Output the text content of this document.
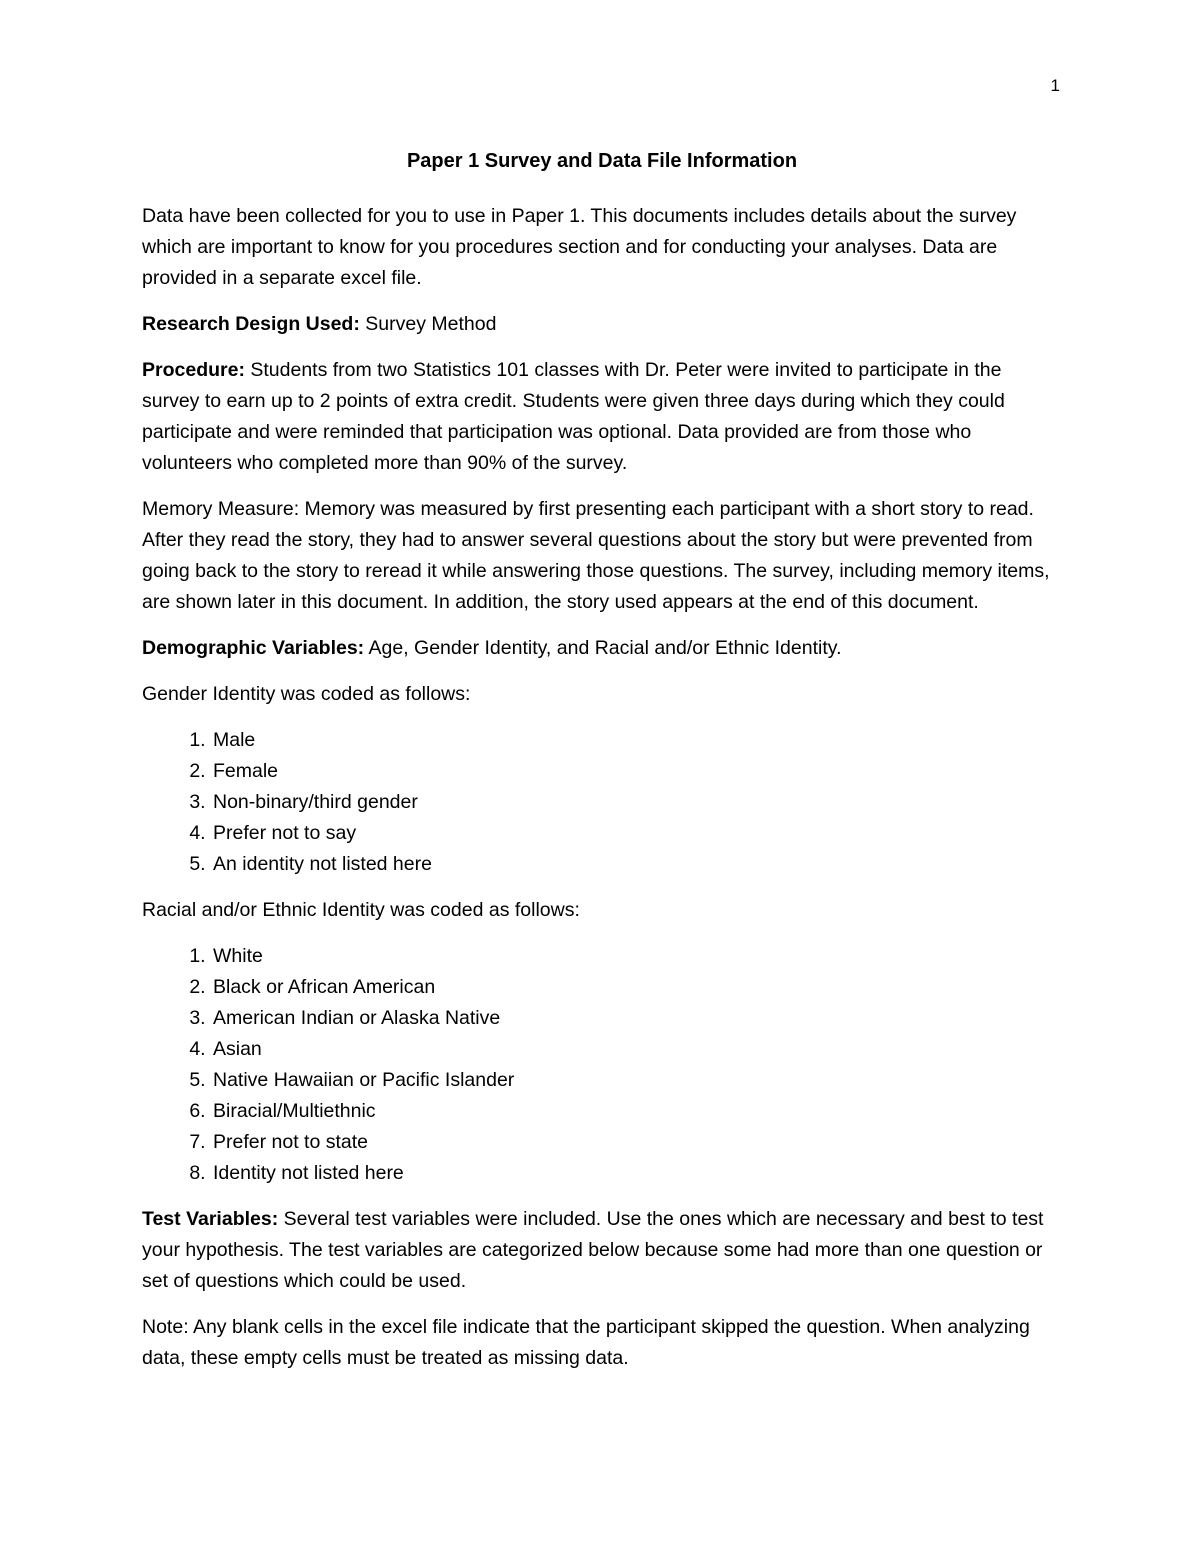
1
Paper 1 Survey and Data File Information

Data have been collected for you to use in Paper 1. This documents includes details about the survey which are important to know for you procedures section and for conducting your analyses. Data are provided in a separate excel file.

Research Design Used: Survey Method

Procedure: Students from two Statistics 101 classes with Dr. Peter were invited to participate in the survey to earn up to 2 points of extra credit. Students were given three days during which they could participate and were reminded that participation was optional. Data provided are from those who volunteers who completed more than 90% of the survey.

Memory Measure: Memory was measured by first presenting each participant with a short story to read. After they read the story, they had to answer several questions about the story but were prevented from going back to the story to reread it while answering those questions. The survey, including memory items, are shown later in this document. In addition, the story used appears at the end of this document.

Demographic Variables: Age, Gender Identity, and Racial and/or Ethnic Identity.

Gender Identity was coded as follows:

1. Male
2. Female
3. Non-binary/third gender
4. Prefer not to say
5. An identity not listed here

Racial and/or Ethnic Identity was coded as follows:

1. White
2. Black or African American
3. American Indian or Alaska Native
4. Asian
5. Native Hawaiian or Pacific Islander
6. Biracial/Multiethnic
7. Prefer not to state
8. Identity not listed here

Test Variables: Several test variables were included. Use the ones which are necessary and best to test your hypothesis. The test variables are categorized below because some had more than one question or set of questions which could be used.

Note: Any blank cells in the excel file indicate that the participant skipped the question. When analyzing data, these empty cells must be treated as missing data.
